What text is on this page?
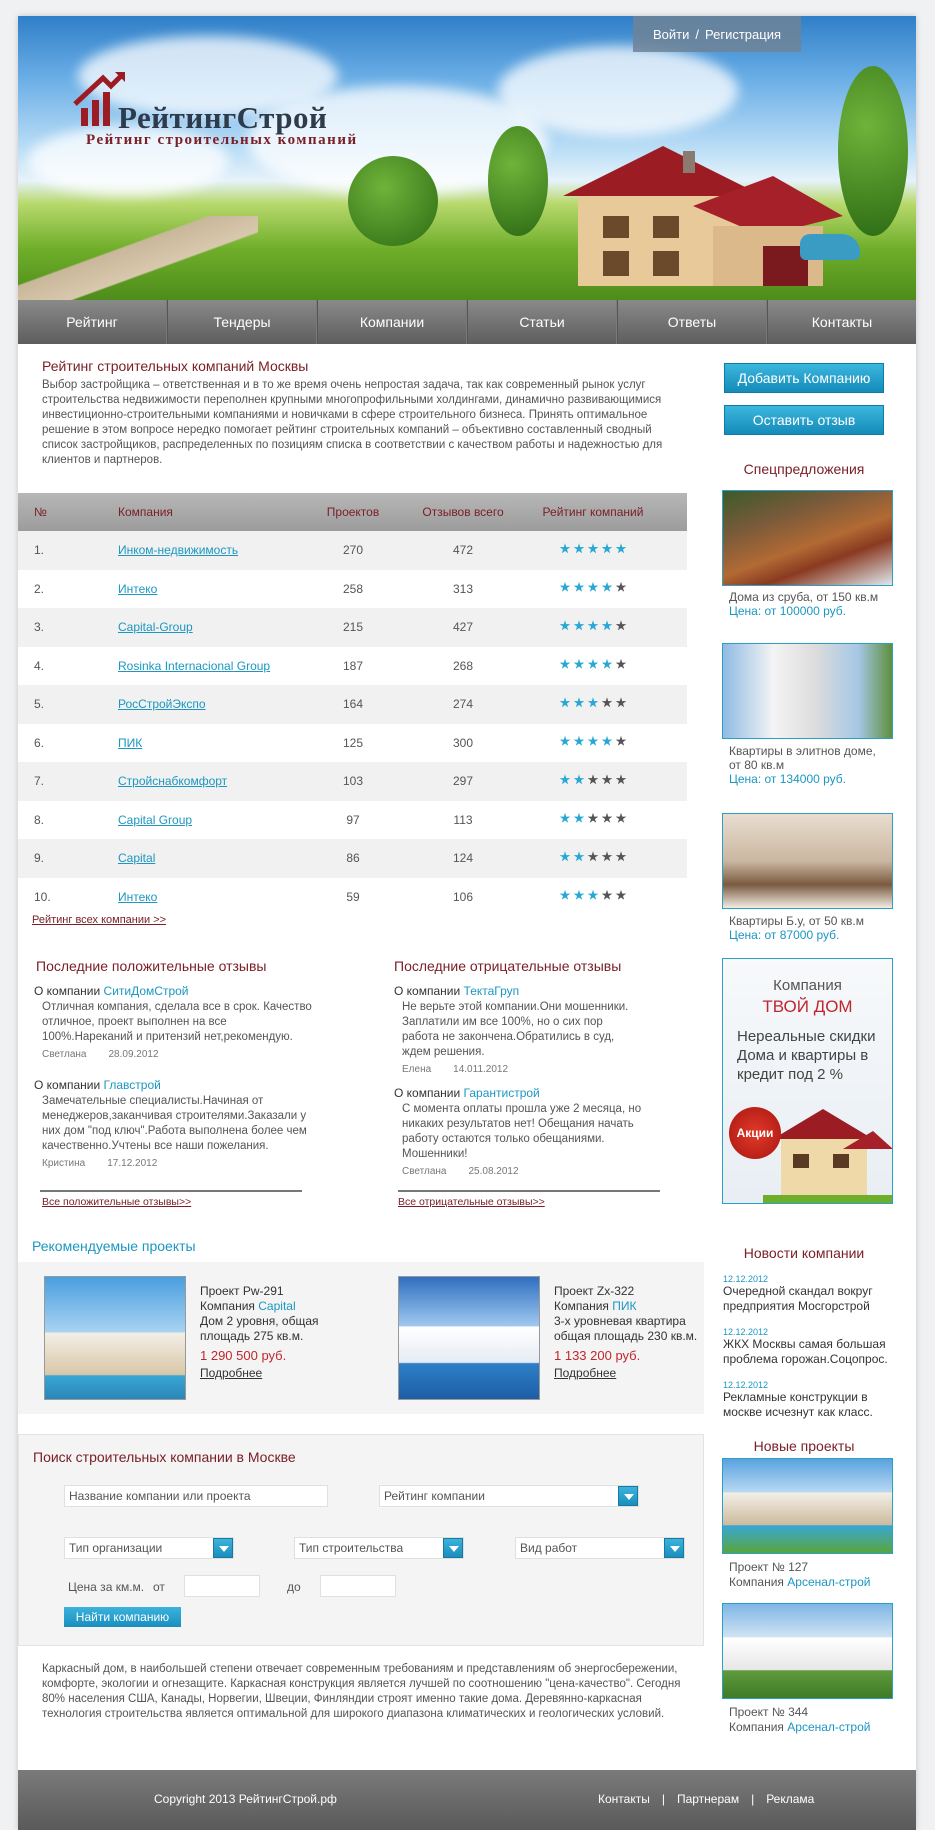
Войти / Регистрация
РейтингСтрой
Рейтинг строительных компаний
Рейтинг	Тендеры	Компании	Статьи	Ответы	Контакты
Рейтинг строительных компаний Москвы
Выбор застройщика – ответственная и в то же время очень непростая задача, так как современный рынок услуг строительства недвижимости переполнен крупными многопрофильными холдингами, динамично развивающимися инвестиционно-строительными компаниями и новичками в сфере строительного бизнеса. Принять оптимальное решение в этом вопросе нередко помогает рейтинг строительных компаний – объективно составленный сводный список застройщиков, распределенных по позициям списка в соответствии с качеством работы и надежностью для клиентов и партнеров.
№	Компания	Проектов	Отзывов всего	Рейтинг компаний
1.	Инком-недвижимость	270	472
2.	Интеко	258	313
3.	Capital-Group	215	427
4.	Rosinka Internacional Group	187	268
5.	РосСтройЭкспо	164	274
6.	ПИК	125	300
7.	Стройснабкомфорт	103	297
8.	Capital Group	97	113
9.	Capital	86	124
10.	Интеко	59	106
Рейтинг всех компании >>
Последние положительные отзывы	Последние отрицательные отзывы
О компании СитиДомСтрой
Отличная компания, сделала все в срок. Качество отличное, проект выполнен на все 100%.Нареканий и притензий нет,рекомендую.
Светлана 28.09.2012
О компании Главстрой
Замечательные специалисты.Начиная от менеджеров,заканчивая строителями.Заказали у них дом "под ключ".Работа выполнена более чем качественно.Учтены все наши пожелания.
Кристина 17.12.2012
О компании ТектаГруп
Не верьте этой компании.Они мошенники. Заплатили им все 100%, но о сих пор работа не закончена.Обратились в суд, ждем решения.
Елена 14.011.2012
О компании Гарантистрой
С момента оплаты прошла уже 2 месяца, но никаких результатов нет! Обещания начать работу остаются только обещаниями. Мошенники!
Светлана 25.08.2012
Все положительные отзывы>>	Все отрицательные отзывы>>
Рекомендуемые проекты
Проект Pw-291
Компания Capital
Дом 2 уровня, общая площадь 275 кв.м.
1 290 500 руб.
Подробнее
Проект Zx-322
Компания ПИК
3-х уровневая квартира общая площадь 230 кв.м.
1 133 200 руб.
Подробнее
Поиск строительных компании в Москве
Название компании или проекта	Рейтинг компании
Тип организации	Тип строительства	Вид работ
Цена за км.м. от	до
Найти компанию
Каркасный дом, в наибольшей степени отвечает современным требованиям и представлениям об энергосбережении, комфорте, экологии и огнезащите. Каркасная конструкция является лучшей по соотношению "цена-качество". Сегодня 80% населения США, Канады, Норвегии, Швеции, Финляндии строят именно такие дома. Деревянно-каркасная технология строительства является оптимальной для широкого диапазона климатических и геологических условий.
Добавить Компанию
Оставить отзыв
Спецпредложения
Дома из сруба, от 150 кв.м
Цена: от 100000 руб.
Квартиры в элитнов доме, от 80 кв.м
Цена: от 134000 руб.
Квартиры Б.у, от 50 кв.м
Цена: от 87000 руб.
Компания
ТВОЙ ДОМ
Нереальные скидки Дома и квартиры в кредит под 2 %
Акции
Новости компании
12.12.2012
Очередной скандал вокруг предприятия Мосгорстрой
12.12.2012
ЖКХ Москвы самая большая проблема горожан.Соцопрос.
12.12.2012
Рекламные конструкции в москве исчезнут как класс.
Новые проекты
Проект № 127
Компания Арсенал-строй
Проект № 344
Компания Арсенал-строй
Copyright 2013 РейтингСтрой.рф	Контакты | Партнерам | Реклама
